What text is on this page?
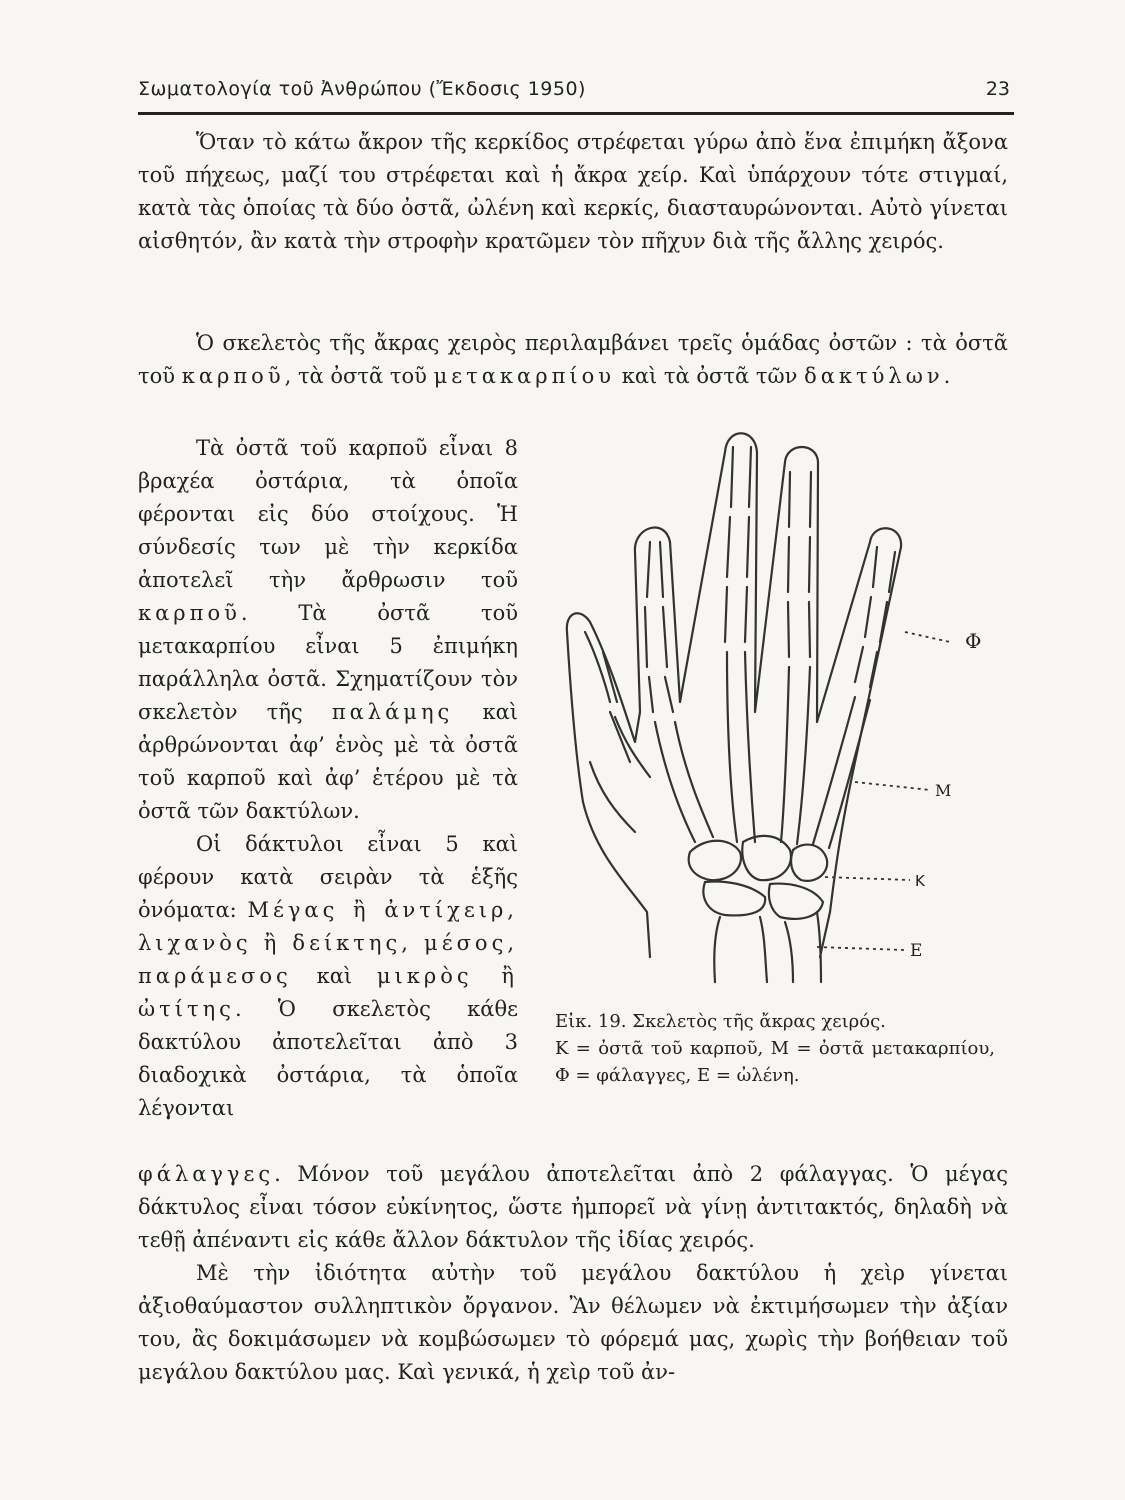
Σωματολογία τοῦ Ἀνθρώπου (Ἔκδοσις 1950)	23
Ὅταν τὸ κάτω ἄκρον τῆς κερκίδος στρέφεται γύρω ἀπὸ ἕνα ἐπιμήκη ἄξονα τοῦ πήχεως, μαζί του στρέφεται καὶ ἡ ἄκρα χείρ. Καὶ ὑπάρχουν τότε στιγμαί, κατὰ τὰς ὁποίας τὰ δύο ὀστᾶ, ὠλένη καὶ κερκίς, διασταυρώνονται. Αὐτὸ γίνεται αἰσθητόν, ἂν κατὰ τὴν στροφὴν κρατῶμεν τὸν πῆχυν διὰ τῆς ἄλλης χειρός.
Ὁ σκελετὸς τῆς ἄκρας χειρὸς περιλαμβάνει τρεῖς ὁμάδας ὀστῶν : τὰ ὀστᾶ τοῦ καρποῦ, τὰ ὀστᾶ τοῦ μετακαρπίου καὶ τὰ ὀστᾶ τῶν δακτύλων.

Τὰ ὀστᾶ τοῦ καρποῦ εἶναι 8 βραχέα ὀστάρια, τὰ ὁποῖα φέρονται εἰς δύο στοίχους. Ἡ σύνδεσίς των μὲ τὴν κερκίδα ἀποτελεῖ τὴν ἄρθρωσιν τοῦ καρποῦ. Τὰ ὀστᾶ τοῦ μετακαρπίου εἶναι 5 ἐπιμήκη παράλληλα ὀστᾶ. Σχηματίζουν τὸν σκελετὸν τῆς παλάμης καὶ ἀρθρώνονται ἀφ’ ἑνὸς μὲ τὰ ὀστᾶ τοῦ καρποῦ καὶ ἀφ’ ἑτέρου μὲ τὰ ὀστᾶ τῶν δακτύλων.

Οἱ δάκτυλοι εἶναι 5 καὶ φέρουν κατὰ σειρὰν τὰ ἑξῆς ὀνόματα: Μέγας ἢ ἀντίχειρ, λιχανὸς ἢ δείκτης, μέσος, παράμεσος καὶ μικρὸς ἢ ὠτίτης. Ὁ σκελετὸς κάθε δακτύλου ἀποτελεῖται ἀπὸ 3 διαδοχικὰ ὀστάρια, τὰ ὁποῖα λέγονται

φάλαγγες. Μόνον τοῦ μεγάλου ἀποτελεῖται ἀπὸ 2 φάλαγγας. Ὁ μέγας δάκτυλος εἶναι τόσον εὐκίνητος, ὥστε ἠμπορεῖ νὰ γίνῃ ἀντιτακτός, δηλαδὴ νὰ τεθῇ ἀπέναντι εἰς κάθε ἄλλον δάκτυλον τῆς ἰδίας χειρός.

Μὲ τὴν ἰδιότητα αὐτὴν τοῦ μεγάλου δακτύλου ἡ χεὶρ γίνεται ἀξιοθαύμαστον συλληπτικὸν ὄργανον. Ἂν θέλωμεν νὰ ἐκτιμήσωμεν τὴν ἀξίαν του, ἂς δοκιμάσωμεν νὰ κομβώσωμεν τὸ φόρεμά μας, χωρὶς τὴν βοήθειαν τοῦ μεγάλου δακτύλου μας. Καὶ γενικά, ἡ χεὶρ τοῦ ἀν-

Φ
Μ
Κ
Ε

Εἰκ. 19. Σκελετὸς τῆς ἄκρας χειρός.

Κ = ὀστᾶ τοῦ καρποῦ, Μ = ὀστᾶ μετακαρπίου, Φ = φάλαγγες, Ε = ὠλένη.
